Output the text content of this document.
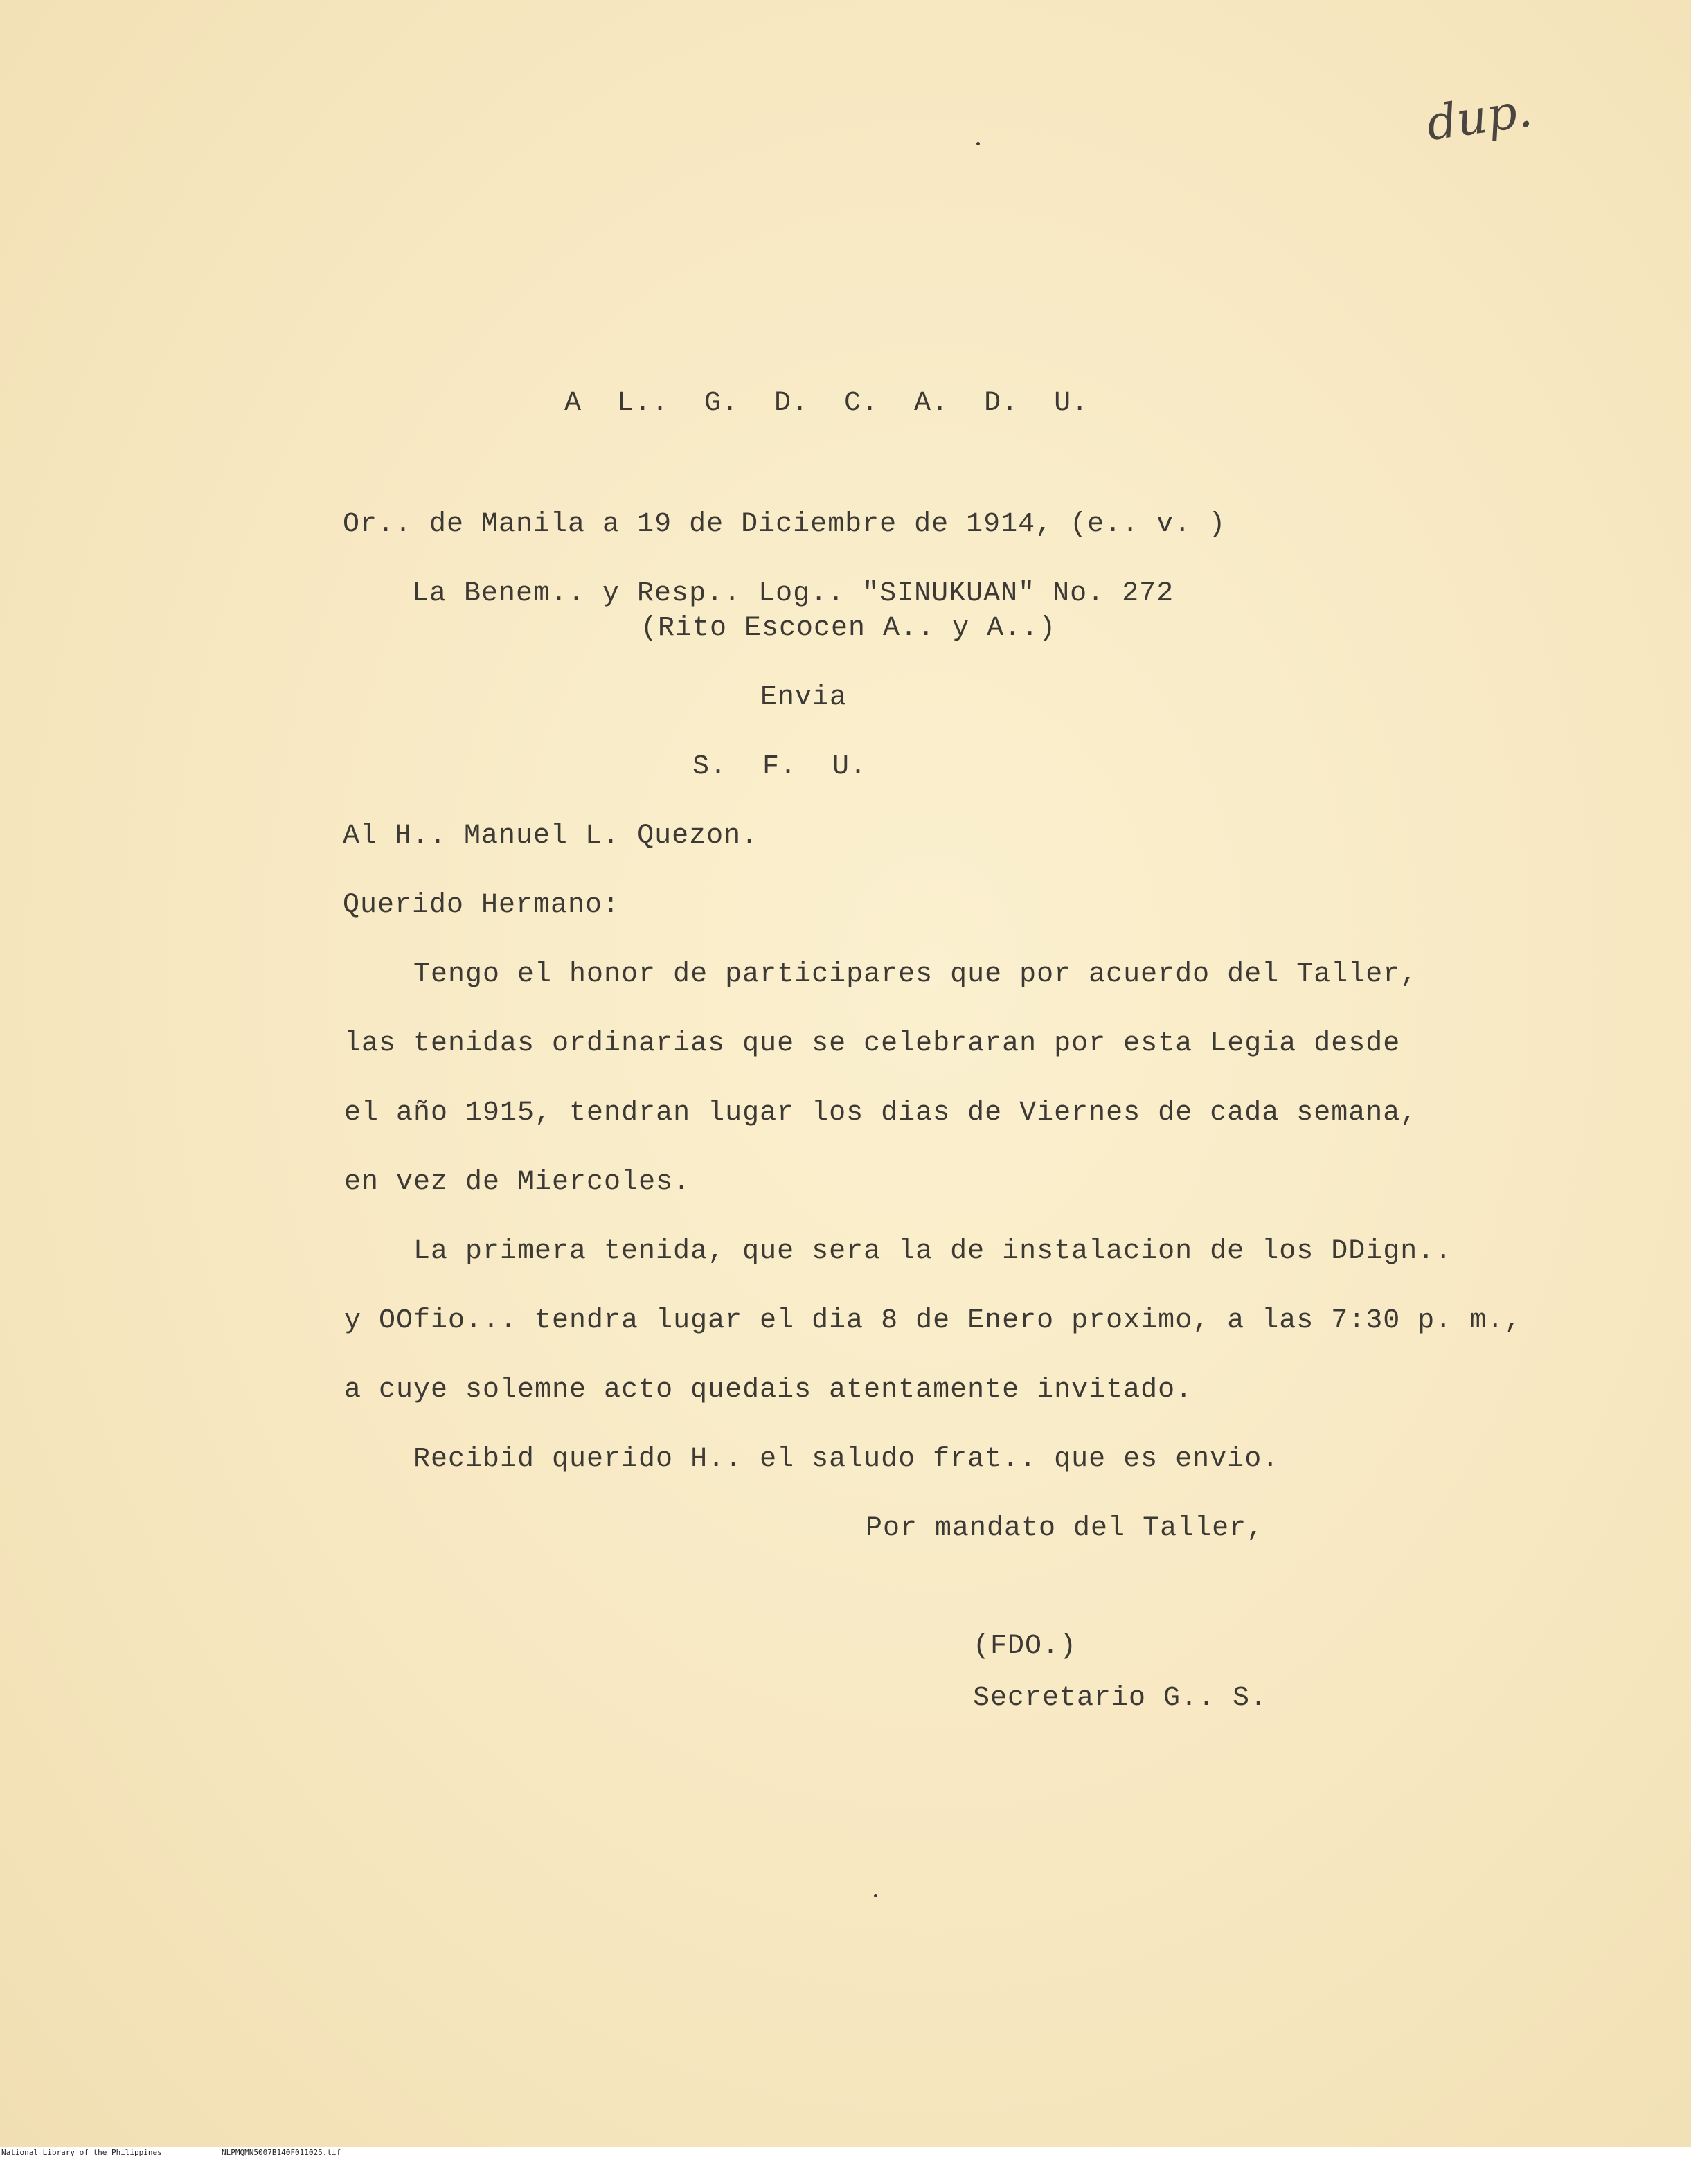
dup.
A L.. G. D. C. A. D. U.
Or.. de Manila a 19 de Diciembre de 1914, (e.. v. )
La Benem.. y Resp.. Log.. "SINUKUAN" No. 272
(Rito Escocen A.. y A..)
Envia
S. F. U.
Al H.. Manuel L. Quezon.
Querido Hermano:
Tengo el honor de participares que por acuerdo del Taller,
las tenidas ordinarias que se celebraran por esta Legia desde
el año 1915, tendran lugar los dias de Viernes de cada semana,
en vez de Miercoles.
La primera tenida, que sera la de instalacion de los DDign..
y OOfio... tendra lugar el dia 8 de Enero proximo, a las 7:30 p. m.,
a cuye solemne acto quedais atentamente invitado.
Recibid querido H.. el saludo frat.. que es envio.
Por mandato del Taller,
(FDO.)
Secretario G.. S.

National Library of the Philippines

	NLPMQMN5007B140F011025.tif
